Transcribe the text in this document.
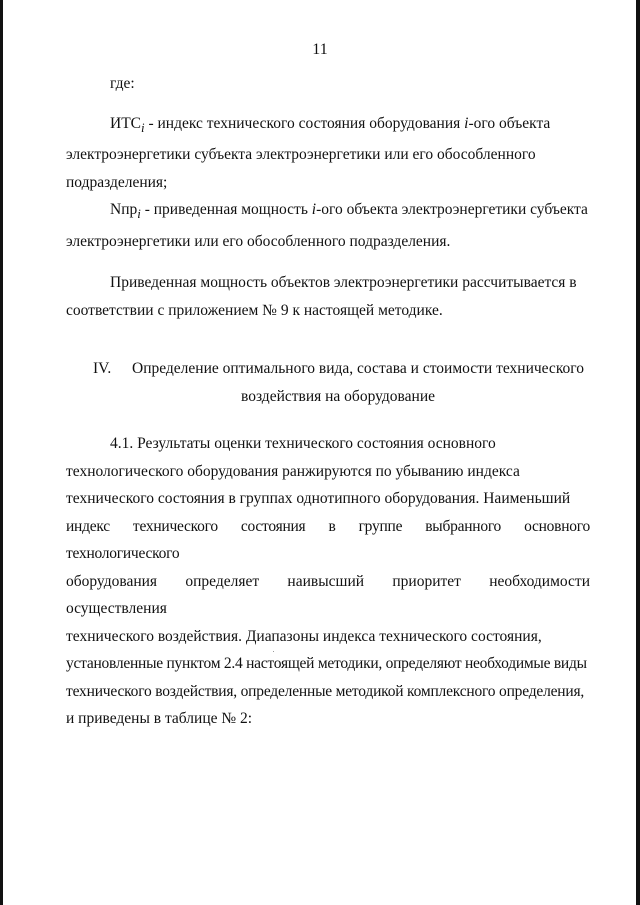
11

где:

$ИТС_i$ - индекс технического состояния оборудования i-ого объекта

электроэнергетики субъекта электроэнергетики или его обособленного

подразделения;

Nпр$_i$ - приведенная мощность i-ого объекта электроэнергетики субъекта

электроэнергетики или его обособленного подразделения.

Приведенная мощность объектов электроэнергетики рассчитывается в

соответствии с приложением № 9 к настоящей методике.

IV.	Определение оптимального вида, состава и стоимости технического
воздействия на оборудование

4.1. Результаты оценки технического состояния основного

технологического оборудования ранжируются по убыванию индекса

технического состояния в группах однотипного оборудования. Наименьший

индекс технического состояния в группе выбранного основного технологического

оборудования определяет наивысший приоритет необходимости осуществления

технического воздействия. Диапазоны индекса технического состояния,

установленные пунктом 2.4 настоящей методики, определяют необходимые виды

технического воздействия, определенные методикой комплексного определения,

и приведены в таблице № 2:
